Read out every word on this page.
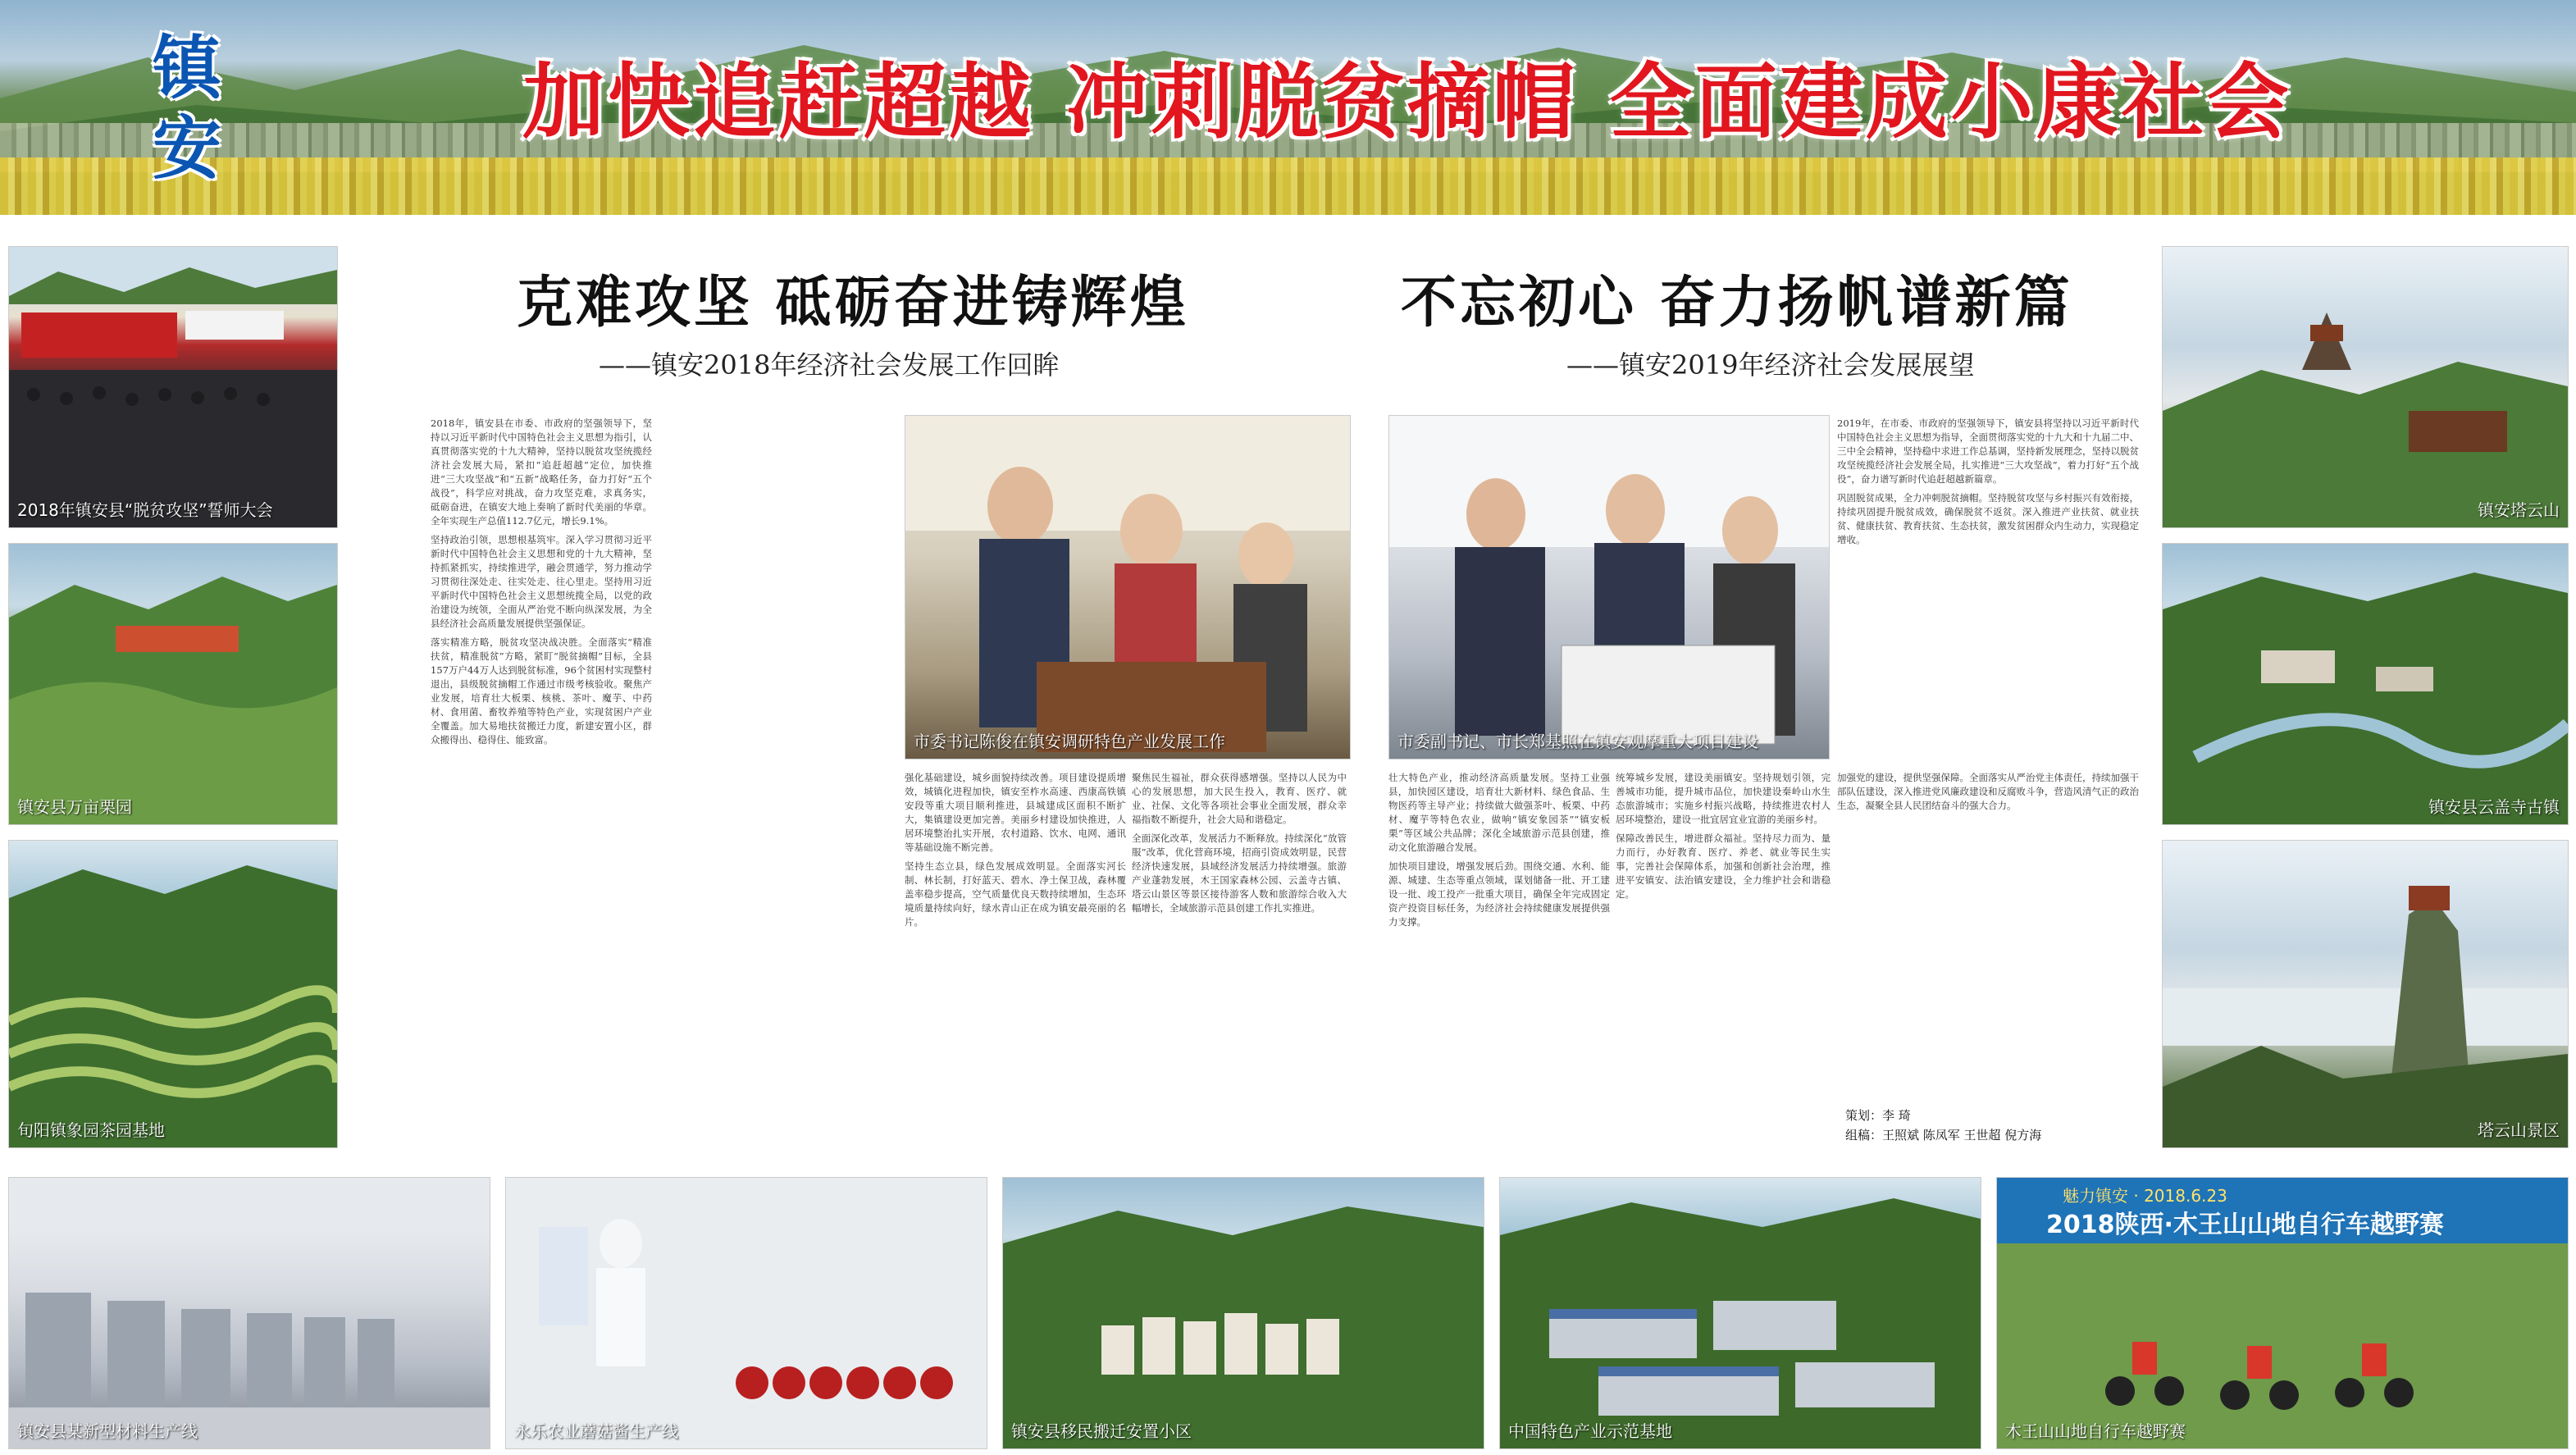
镇安	加快追赶超越 冲刺脱贫摘帽 全面建成小康社会
2018年镇安县“脱贫攻坚”誓师大会
镇安县万亩栗园
旬阳镇象园茶园基地
镇安塔云山
镇安县云盖寺古镇
塔云山景区
克难攻坚 砥砺奋进铸辉煌
——镇安2018年经济社会发展工作回眸
不忘初心 奋力扬帆谱新篇
——镇安2019年经济社会发展展望

2018年，镇安县在市委、市政府的坚强领导下，坚持以习近平新时代中国特色社会主义思想为指引，认真贯彻落实党的十九大精神，坚持以脱贫攻坚统揽经济社会发展大局，紧扣“追赶超越”定位，加快推进“三大攻坚战”和“五新”战略任务，奋力打好“五个战役”，科学应对挑战，奋力攻坚克难，求真务实，砥砺奋进，在镇安大地上奏响了新时代美丽的华章。全年实现生产总值112.7亿元，增长9.1%。

坚持政治引领，思想根基筑牢。深入学习贯彻习近平新时代中国特色社会主义思想和党的十九大精神，坚持抓紧抓实，持续推进学，融会贯通学，努力推动学习贯彻往深处走、往实处走、往心里走。坚持用习近平新时代中国特色社会主义思想统揽全局，以党的政治建设为统领，全面从严治党不断向纵深发展，为全县经济社会高质量发展提供坚强保证。

落实精准方略，脱贫攻坚决战决胜。全面落实“精准扶贫，精准脱贫”方略，紧盯“脱贫摘帽”目标，全县157万户44万人达到脱贫标准，96个贫困村实现整村退出，县级脱贫摘帽工作通过市级考核验收。聚焦产业发展，培育壮大板栗、核桃、茶叶、魔芋、中药材、食用菌、畜牧养殖等特色产业，实现贫困户产业全覆盖。加大易地扶贫搬迁力度，新建安置小区，群众搬得出、稳得住、能致富。	市委书记陈俊在镇安调研特色产业发展工作

强化基础建设，城乡面貌持续改善。项目建设提质增效，城镇化进程加快，镇安至柞水高速、西康高铁镇安段等重大项目顺利推进，县城建成区面积不断扩大，集镇建设更加完善。美丽乡村建设加快推进，人居环境整治扎实开展，农村道路、饮水、电网、通讯等基础设施不断完善。

坚持生态立县，绿色发展成效明显。全面落实河长制、林长制，打好蓝天、碧水、净土保卫战，森林覆盖率稳步提高，空气质量优良天数持续增加，生态环境质量持续向好，绿水青山正在成为镇安最亮丽的名片。

聚焦民生福祉，群众获得感增强。坚持以人民为中心的发展思想，加大民生投入，教育、医疗、就业、社保、文化等各项社会事业全面发展，群众幸福指数不断提升，社会大局和谐稳定。

全面深化改革，发展活力不断释放。持续深化“放管服”改革，优化营商环境，招商引资成效明显，民营经济快速发展，县域经济发展活力持续增强。旅游产业蓬勃发展，木王国家森林公园、云盖寺古镇、塔云山景区等景区接待游客人数和旅游综合收入大幅增长，全域旅游示范县创建工作扎实推进。

市委副书记、市长郑基照在镇安观摩重大项目建设

2019年，在市委、市政府的坚强领导下，镇安县将坚持以习近平新时代中国特色社会主义思想为指导，全面贯彻落实党的十九大和十九届二中、三中全会精神，坚持稳中求进工作总基调，坚持新发展理念，坚持以脱贫攻坚统揽经济社会发展全局，扎实推进“三大攻坚战”，着力打好“五个战役”，奋力谱写新时代追赶超越新篇章。

巩固脱贫成果，全力冲刺脱贫摘帽。坚持脱贫攻坚与乡村振兴有效衔接，持续巩固提升脱贫成效，确保脱贫不返贫。深入推进产业扶贫、就业扶贫、健康扶贫、教育扶贫、生态扶贫，激发贫困群众内生动力，实现稳定增收。

壮大特色产业，推动经济高质量发展。坚持工业强县，加快园区建设，培育壮大新材料、绿色食品、生物医药等主导产业；持续做大做强茶叶、板栗、中药材、魔芋等特色农业，做响“镇安象园茶”“镇安板栗”等区域公共品牌；深化全域旅游示范县创建，推动文化旅游融合发展。

加快项目建设，增强发展后劲。围绕交通、水利、能源、城建、生态等重点领域，谋划储备一批、开工建设一批、竣工投产一批重大项目，确保全年完成固定资产投资目标任务，为经济社会持续健康发展提供强力支撑。

统筹城乡发展，建设美丽镇安。坚持规划引领，完善城市功能，提升城市品位，加快建设秦岭山水生态旅游城市；实施乡村振兴战略，持续推进农村人居环境整治，建设一批宜居宜业宜游的美丽乡村。

保障改善民生，增进群众福祉。坚持尽力而为、量力而行，办好教育、医疗、养老、就业等民生实事，完善社会保障体系，加强和创新社会治理，推进平安镇安、法治镇安建设，全力维护社会和谐稳定。

加强党的建设，提供坚强保障。全面落实从严治党主体责任，持续加强干部队伍建设，深入推进党风廉政建设和反腐败斗争，营造风清气正的政治生态，凝聚全县人民团结奋斗的强大合力。

策划：李 琦
组稿：王照斌 陈凤军 王世超 倪方海
镇安县某新型材料生产线	永乐农业蘑菇酱生产线	镇安县移民搬迁安置小区	中国特色产业示范基地
魅力镇安 · 2018.6.23
2018陕西·木王山山地自行车越野赛
木王山山地自行车越野赛
